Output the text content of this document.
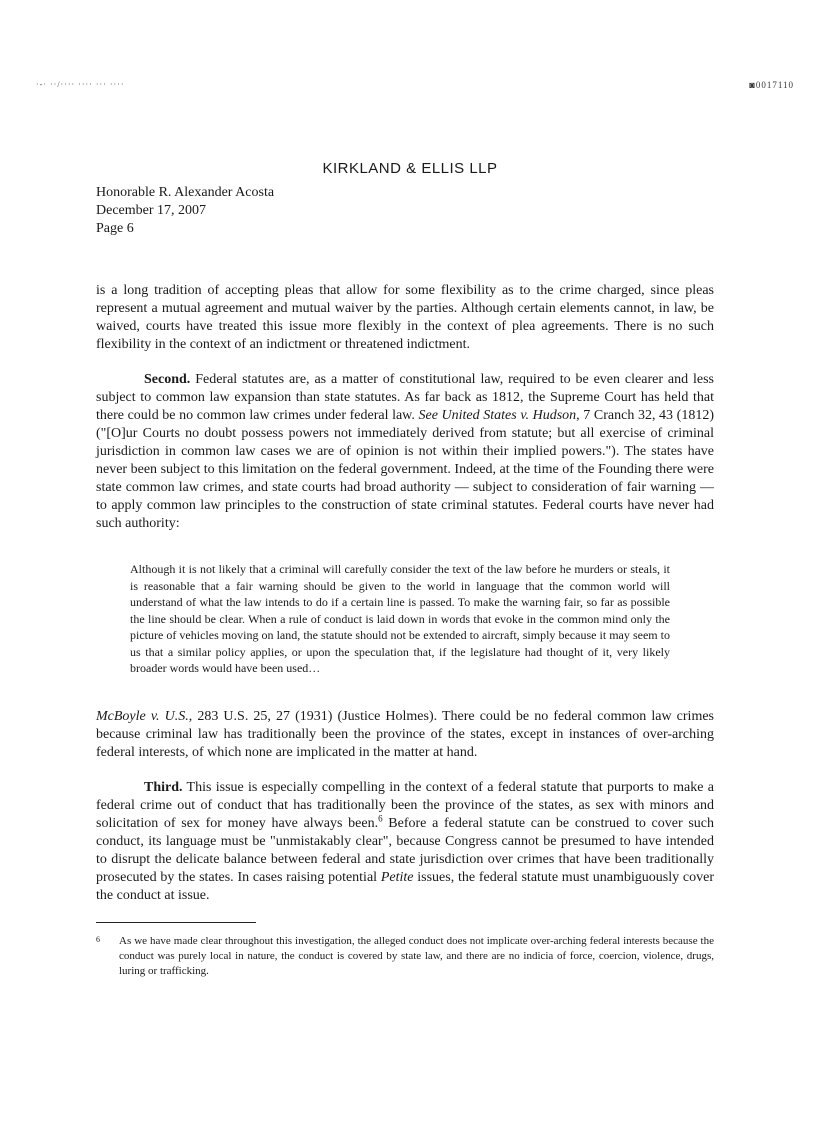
·-· ··/···· ···· ··· ····	◙0017110
KIRKLAND & ELLIS LLP
Honorable R. Alexander Acosta
December 17, 2007
Page 6
is a long tradition of accepting pleas that allow for some flexibility as to the crime charged, since pleas represent a mutual agreement and mutual waiver by the parties. Although certain elements cannot, in law, be waived, courts have treated this issue more flexibly in the context of plea agreements. There is no such flexibility in the context of an indictment or threatened indictment.
Second. Federal statutes are, as a matter of constitutional law, required to be even clearer and less subject to common law expansion than state statutes. As far back as 1812, the Supreme Court has held that there could be no common law crimes under federal law. See United States v. Hudson, 7 Cranch 32, 43 (1812) ("[O]ur Courts no doubt possess powers not immediately derived from statute; but all exercise of criminal jurisdiction in common law cases we are of opinion is not within their implied powers."). The states have never been subject to this limitation on the federal government. Indeed, at the time of the Founding there were state common law crimes, and state courts had broad authority — subject to consideration of fair warning — to apply common law principles to the construction of state criminal statutes. Federal courts have never had such authority:
Although it is not likely that a criminal will carefully consider the text of the law before he murders or steals, it is reasonable that a fair warning should be given to the world in language that the common world will understand of what the law intends to do if a certain line is passed. To make the warning fair, so far as possible the line should be clear. When a rule of conduct is laid down in words that evoke in the common mind only the picture of vehicles moving on land, the statute should not be extended to aircraft, simply because it may seem to us that a similar policy applies, or upon the speculation that, if the legislature had thought of it, very likely broader words would have been used…
McBoyle v. U.S., 283 U.S. 25, 27 (1931) (Justice Holmes). There could be no federal common law crimes because criminal law has traditionally been the province of the states, except in instances of over-arching federal interests, of which none are implicated in the matter at hand.
Third. This issue is especially compelling in the context of a federal statute that purports to make a federal crime out of conduct that has traditionally been the province of the states, as sex with minors and solicitation of sex for money have always been.$^6$ Before a federal statute can be construed to cover such conduct, its language must be "unmistakably clear", because Congress cannot be presumed to have intended to disrupt the delicate balance between federal and state jurisdiction over crimes that have been traditionally prosecuted by the states. In cases raising potential Petite issues, the federal statute must unambiguously cover the conduct at issue.
6 As we have made clear throughout this investigation, the alleged conduct does not implicate over-arching federal interests because the conduct was purely local in nature, the conduct is covered by state law, and there are no indicia of force, coercion, violence, drugs, luring or trafficking.
